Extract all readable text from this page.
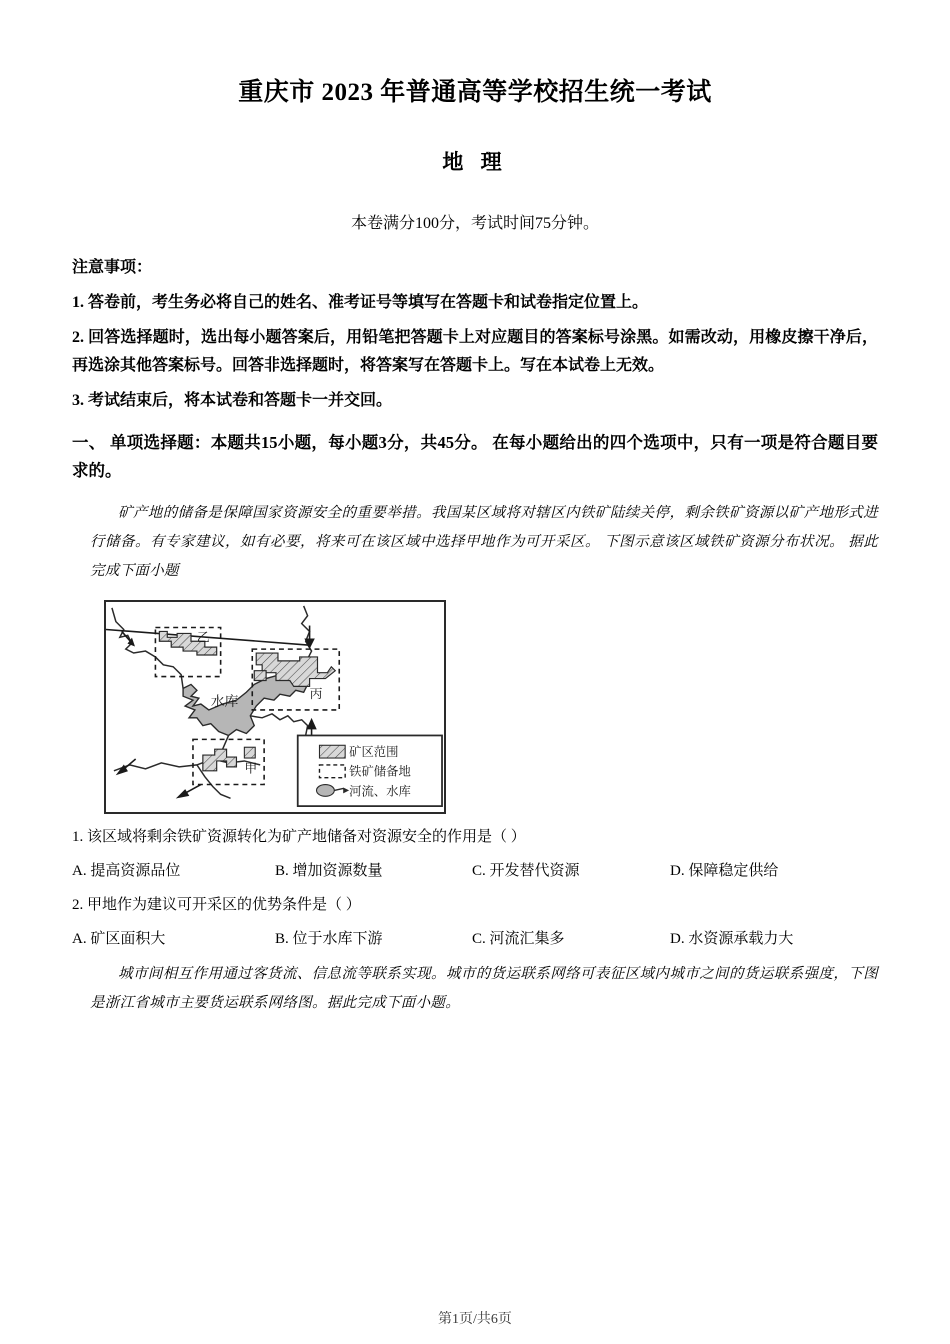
重庆市 2023 年普通高等学校招生统一考试
地 理

本卷满分100分，考试时间75分钟。

注意事项：

1. 答卷前，考生务必将自己的姓名、准考证号等填写在答题卡和试卷指定位置上。

2. 回答选择题时，选出每小题答案后，用铅笔把答题卡上对应题目的答案标号涂黑。如需改动，用橡皮擦干净后，再选涂其他答案标号。回答非选择题时，将答案写在答题卡上。写在本试卷上无效。

3. 考试结束后，将本试卷和答题卡一并交回。

一、 单项选择题：本题共15小题，每小题3分，共45分。 在每小题给出的四个选项中，只有一项是符合题目要求的。

矿产地的储备是保障国家资源安全的重要举措。我国某区域将对辖区内铁矿陆续关停，剩余铁矿资源以矿产地形式进行储备。有专家建议，如有必要，将来可在该区域中选择甲地作为可开采区。 下图示意该区域铁矿资源分布状况。 据此完成下面小题

乙
丙
甲
水库
矿区范围
铁矿储备地
河流、水库

1. 该区域将剩余铁矿资源转化为矿产地储备对资源安全的作用是（ ）

A. 提高资源品位	B. 增加资源数量	C. 开发替代资源	D. 保障稳定供给

2. 甲地作为建议可开采区的优势条件是（ ）

A. 矿区面积大	B. 位于水库下游	C. 河流汇集多	D. 水资源承载力大

城市间相互作用通过客货流、信息流等联系实现。城市的货运联系网络可表征区域内城市之间的货运联系强度，下图是浙江省城市主要货运联系网络图。据此完成下面小题。

第1页/共6页
